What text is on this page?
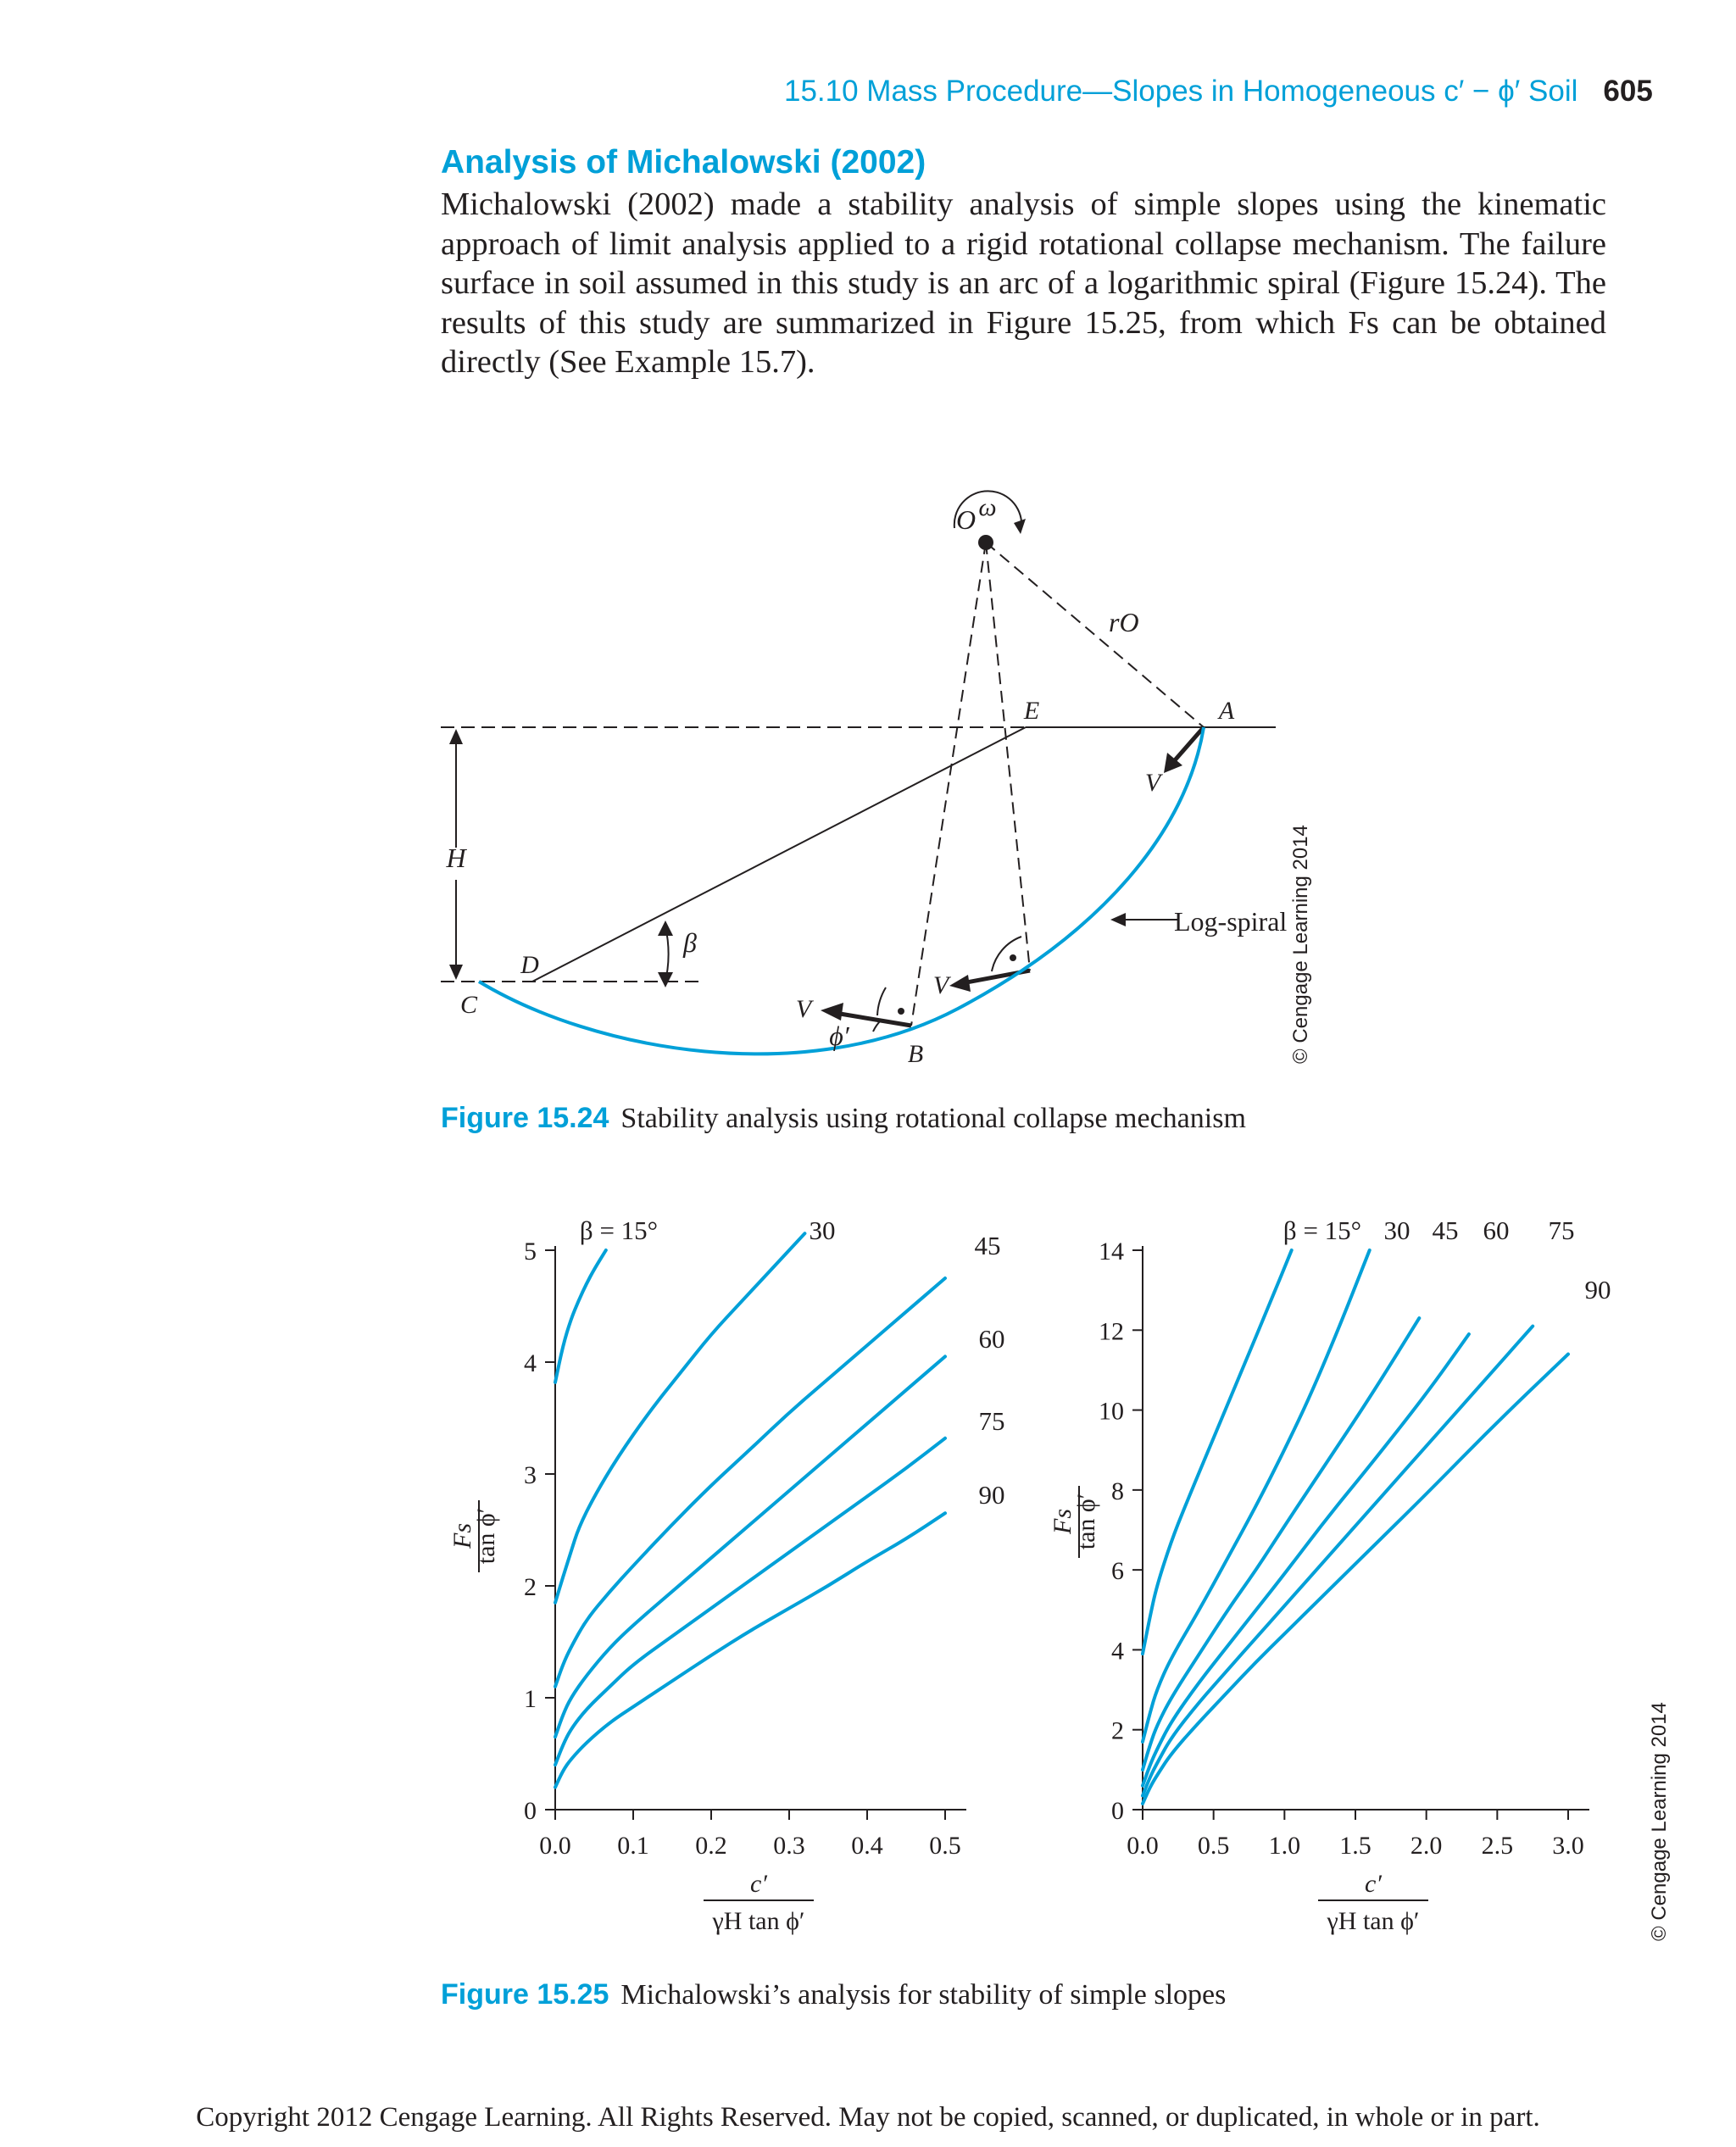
15.10 Mass Procedure—Slopes in Homogeneous c′ − ϕ′ Soil 605
Analysis of Michalowski (2002)
Michalowski (2002) made a stability analysis of simple slopes using the kinematic approach of limit analysis applied to a rigid rotational collapse mechanism. The failure surface in soil assumed in this study is an arc of a logarithmic spiral (Figure 15.24). The results of this study are summarized in Figure 15.25, from which Fs can be obtained directly (See Example 15.7).
ω
rO
E	A
V
H
D
C
β
V
ϕ′
B
V
Log-spiral © Cengage Learning 2014
O
Figure 15.24 Stability analysis using rotational collapse mechanism
0.0 0.1 0.2 0.3 0.4 0.5
0
1
2
3
4
5
0.0 0.5 1.0 1.5 2.0 2.5 3.0
0
2
4
6
8
10
12
14
β = 15°	30
45
60
75
90
β = 15° 30 45 60 75
90
Fs
tan ϕ′	Fs
tan ϕ′
c′
γH tan ϕ′
c′
γH tan ϕ′	© Cengage Learning 2014
Figure 15.25 Michalowski’s analysis for stability of simple slopes
Copyright 2012 Cengage Learning. All Rights Reserved. May not be copied, scanned, or duplicated, in whole or in part.
